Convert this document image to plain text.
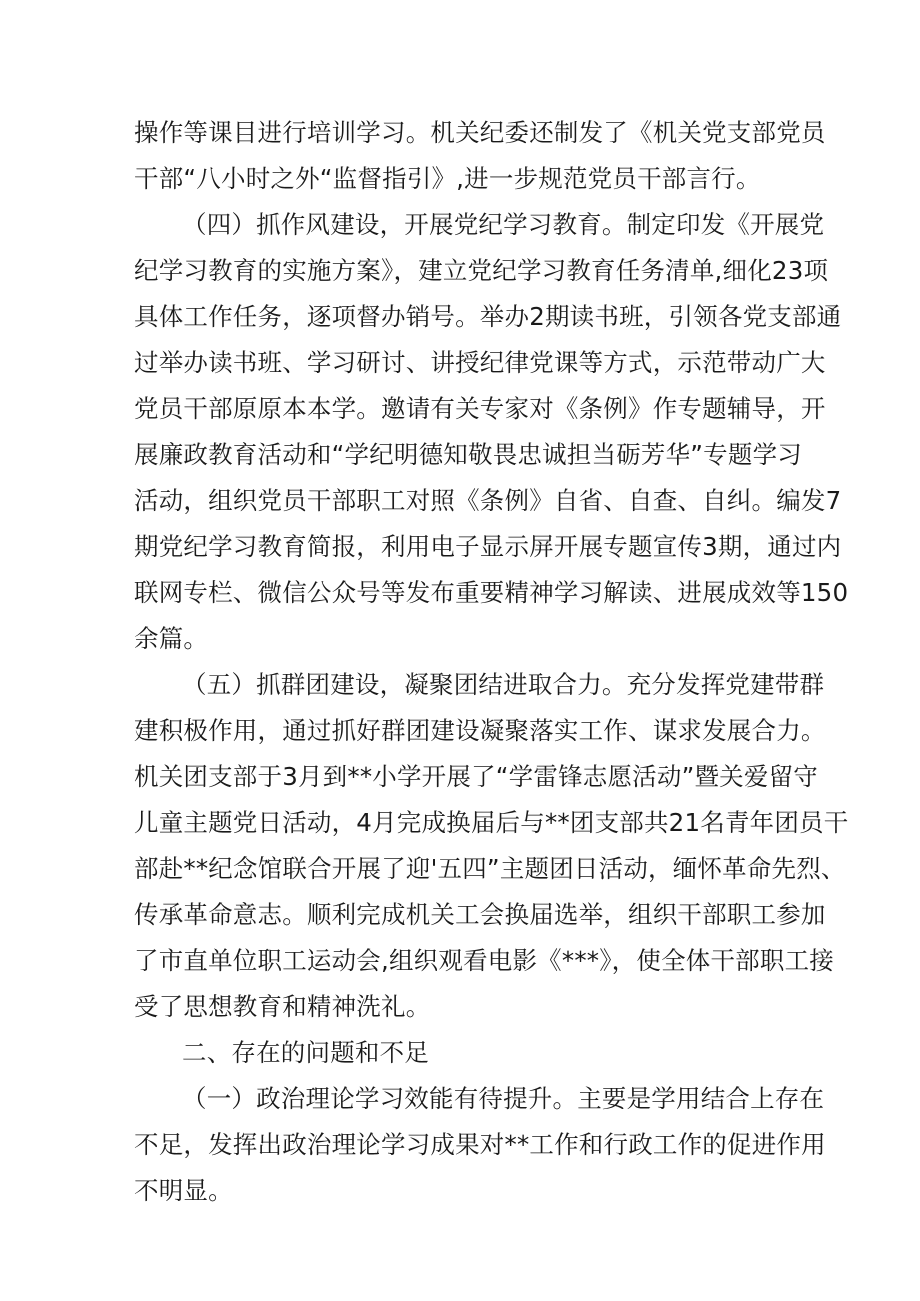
操作等课目进行培训学习。机关纪委还制发了《机关党支部党员
干部“八小时之外“监督指引》,进一步规范党员干部言行。
（四）抓作风建设，开展党纪学习教育。制定印发《开展党
纪学习教育的实施方案》，建立党纪学习教育任务清单,细化23项
具体工作任务，逐项督办销号。举办2期读书班，引领各党支部通
过举办读书班、学习研讨、讲授纪律党课等方式，示范带动广大
党员干部原原本本学。邀请有关专家对《条例》作专题辅导，开
展廉政教育活动和“学纪明德知敬畏忠诚担当砺芳华”专题学习
活动，组织党员干部职工对照《条例》自省、自查、自纠。编发7
期党纪学习教育简报，利用电子显示屏开展专题宣传3期，通过内
联网专栏、微信公众号等发布重要精神学习解读、进展成效等150
余篇。
（五）抓群团建设，凝聚团结进取合力。充分发挥党建带群
建积极作用，通过抓好群团建设凝聚落实工作、谋求发展合力。
机关团支部于3月到**小学开展了“学雷锋志愿活动”暨关爱留守
儿童主题党日活动，4月完成换届后与**团支部共21名青年团员干
部赴**纪念馆联合开展了迎'五四”主题团日活动，缅怀革命先烈、
传承革命意志。顺利完成机关工会换届选举，组织干部职工参加
了市直单位职工运动会,组织观看电影《***》，使全体干部职工接
受了思想教育和精神洗礼。
二、存在的问题和不足
（一）政治理论学习效能有待提升。主要是学用结合上存在
不足，发挥出政治理论学习成果对**工作和行政工作的促进作用
不明显。
